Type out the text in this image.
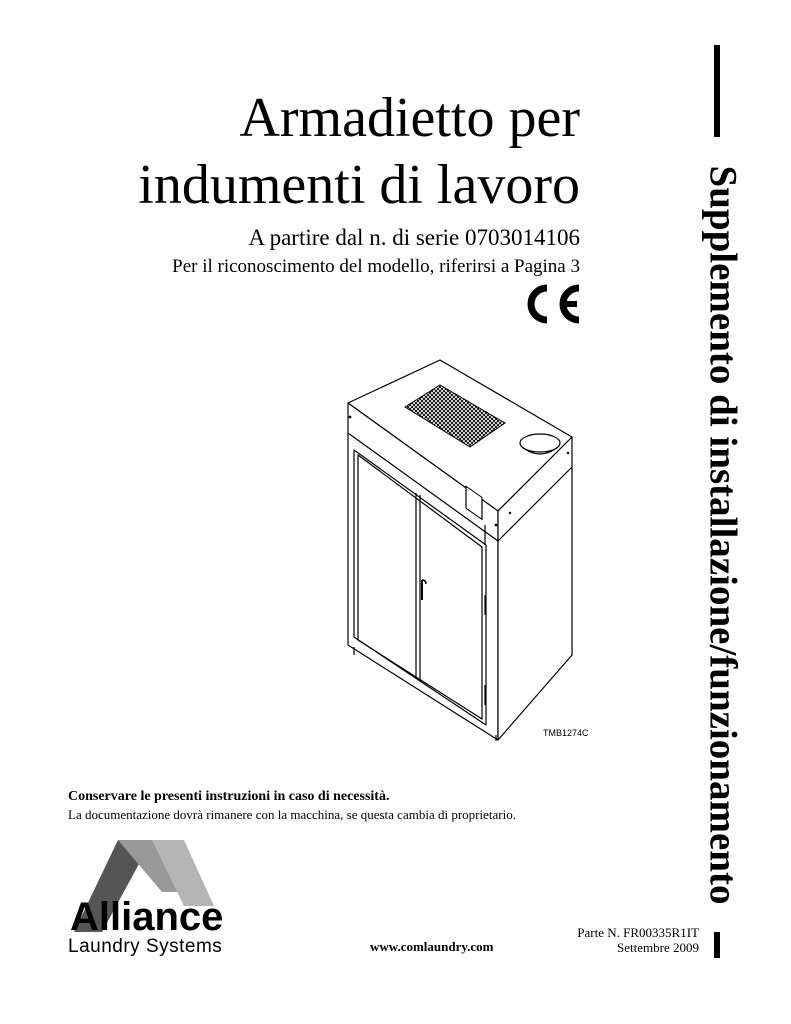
Armadietto per
indumenti di lavoro
A partire dal n. di serie 0703014106
Per il riconoscimento del modello, riferirsi a Pagina 3
TMB1274C
Conservare le presenti instruzioni in caso di necessità.
La documentazione dovrà rimanere con la macchina, se questa cambia di proprietario.
Alliance
Laundry Systems	www.comlaundry.com
Parte N. FR00335R1IT
Settembre 2009
Supplemento di installazione/funzionamento
